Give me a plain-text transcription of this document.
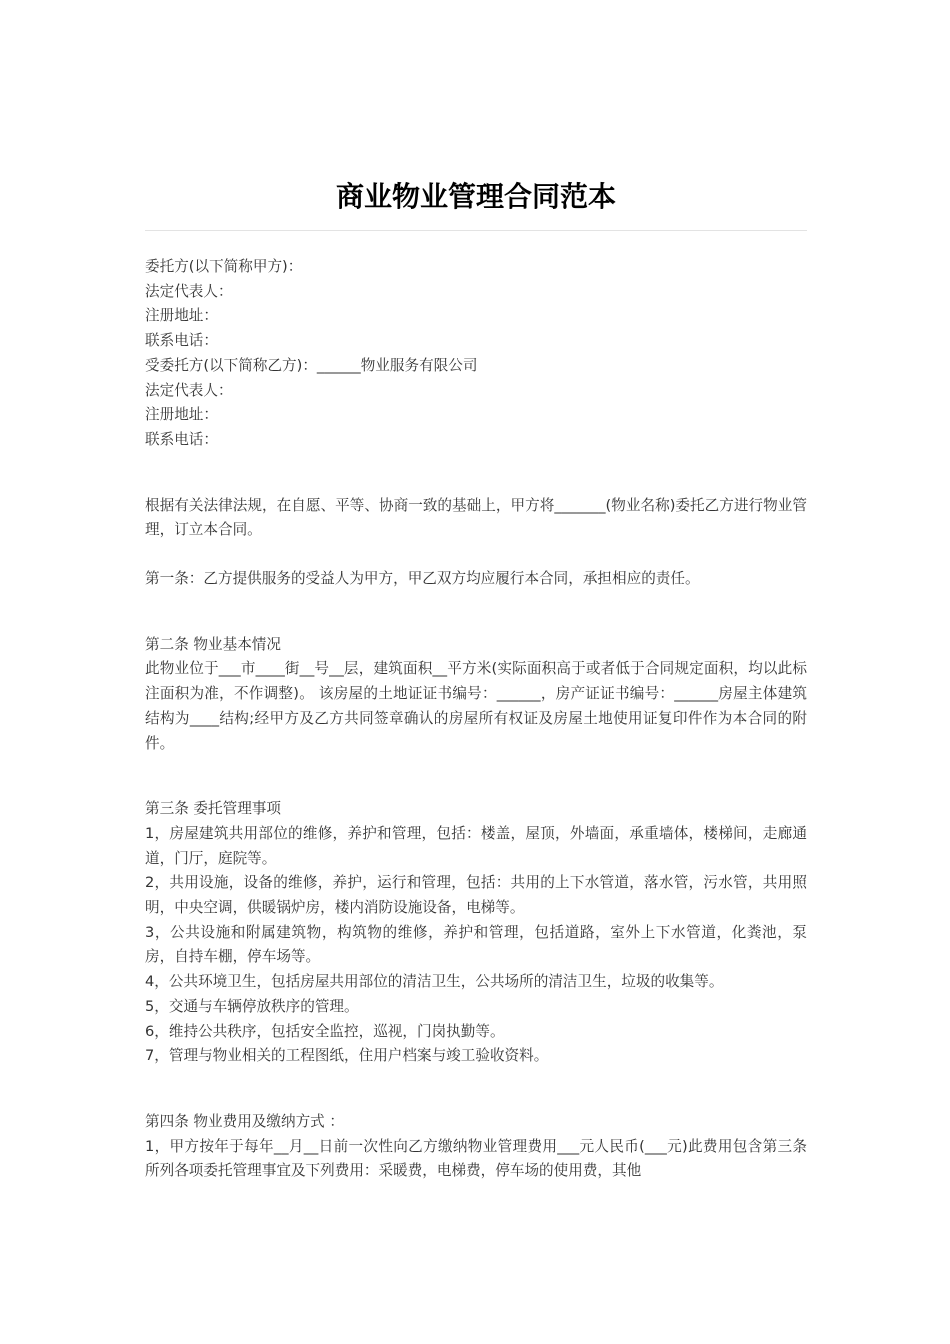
商业物业管理合同范本

委托方(以下简称甲方)：

法定代表人：

注册地址：

联系电话：

受委托方(以下简称乙方)：______物业服务有限公司

法定代表人：

注册地址：

联系电话：

根据有关法律法规，在自愿、平等、协商一致的基础上，甲方将_______(物业名称)委托乙方进行物业管理，订立本合同。

第一条：乙方提供服务的受益人为甲方，甲乙双方均应履行本合同，承担相应的责任。

第二条 物业基本情况

此物业位于___市____街__号__层，建筑面积__平方米(实际面积高于或者低于合同规定面积，均以此标注面积为准，不作调整)。 该房屋的土地证证书编号：______，房产证证书编号：______房屋主体建筑结构为____结构;经甲方及乙方共同签章确认的房屋所有权证及房屋土地使用证复印件作为本合同的附件。

第三条 委托管理事项

1，房屋建筑共用部位的维修，养护和管理，包括：楼盖，屋顶，外墙面，承重墙体，楼梯间，走廊通道，门厅，庭院等。

2，共用设施，设备的维修，养护，运行和管理，包括：共用的上下水管道，落水管，污水管，共用照明，中央空调，供暖锅炉房，楼内消防设施设备，电梯等。

3，公共设施和附属建筑物，构筑物的维修，养护和管理，包括道路，室外上下水管道，化粪池，泵房，自持车棚，停车场等。

4，公共环境卫生，包括房屋共用部位的清洁卫生，公共场所的清洁卫生，垃圾的收集等。

5，交通与车辆停放秩序的管理。

6，维持公共秩序，包括安全监控，巡视，门岗执勤等。

7，管理与物业相关的工程图纸，住用户档案与竣工验收资料。

第四条 物业费用及缴纳方式 ：

1，甲方按年于每年__月__日前一次性向乙方缴纳物业管理费用___元人民币(___元)此费用包含第三条所列各项委托管理事宜及下列费用：采暖费，电梯费，停车场的使用费，其他
